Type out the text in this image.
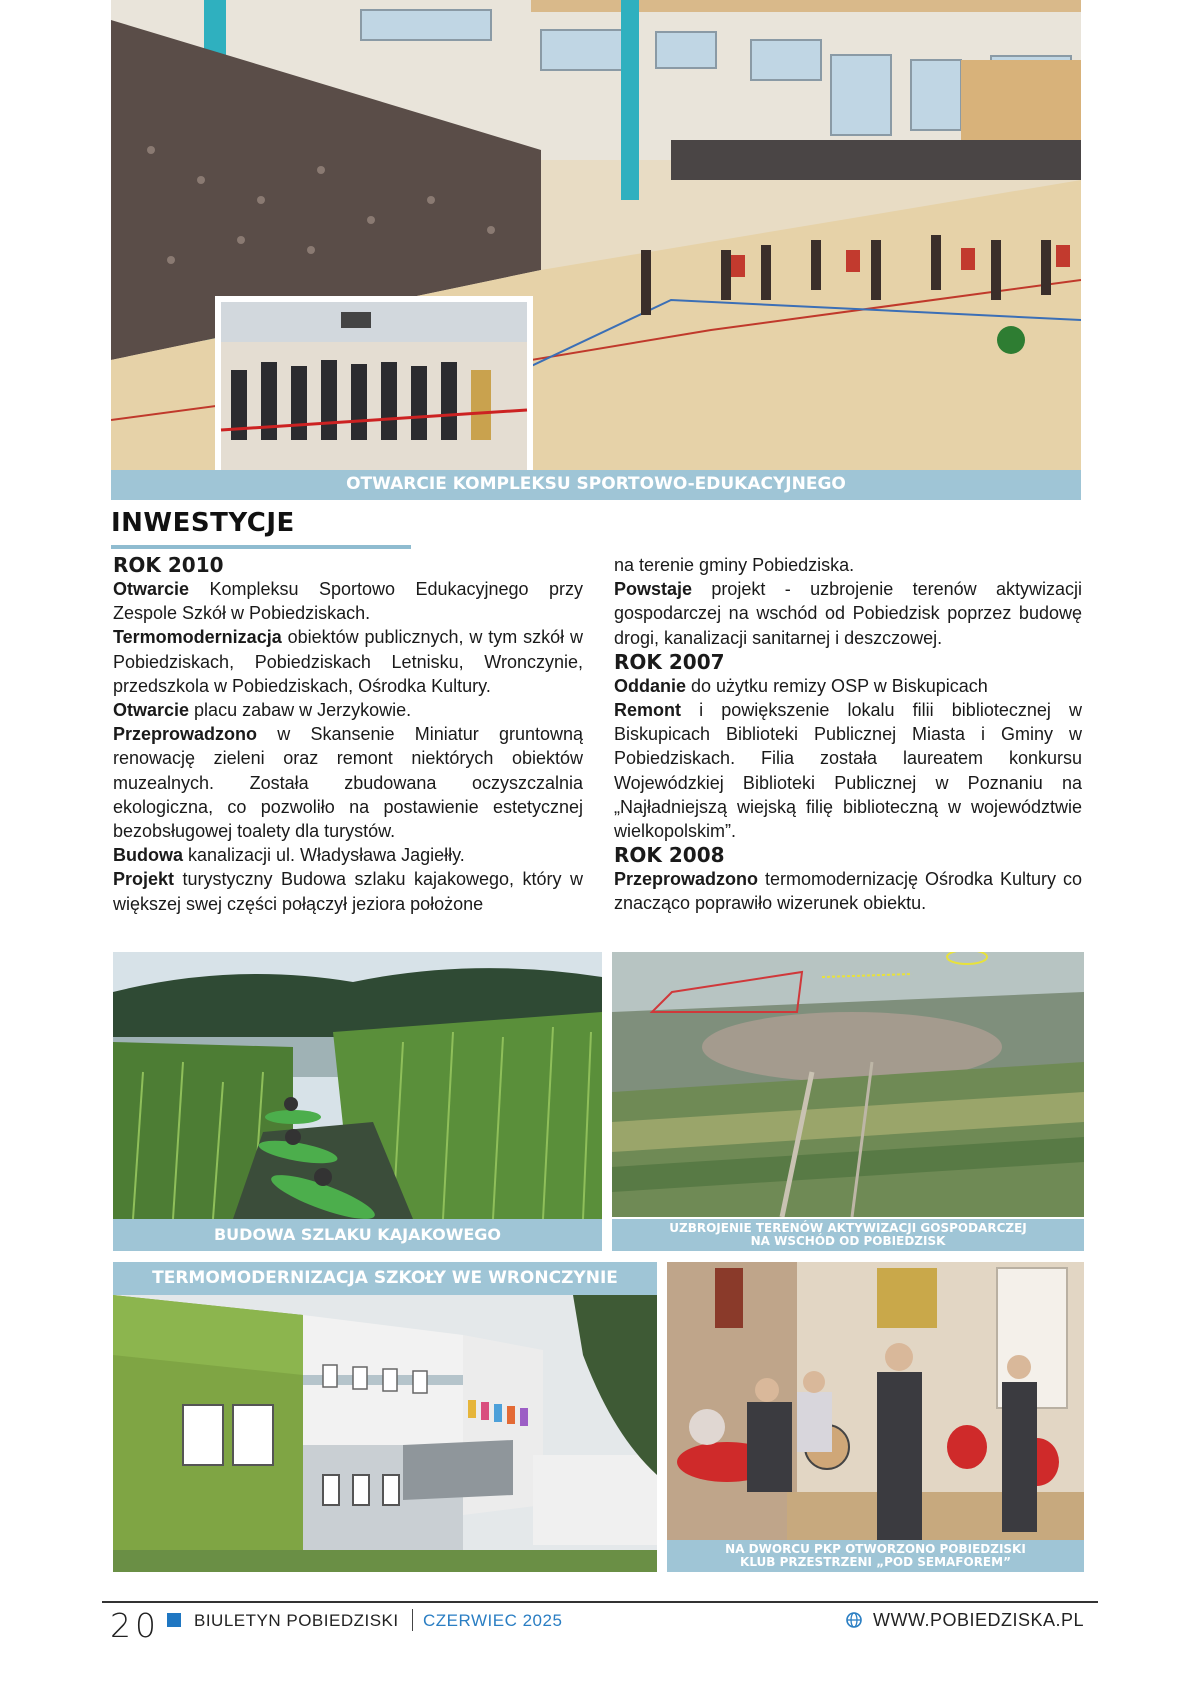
OTWARCIE KOMPLEKSU SPORTOWO-EDUKACYJNEGO
INWESTYCJE

ROK 2010

Otwarcie Kompleksu Sportowo Edukacyjnego przy Zespole Szkół w Pobiedziskach.

Termomodernizacja obiektów publicznych, w tym szkół w Pobiedziskach, Pobiedziskach Letnisku, Wronczynie, przedszkola w Pobiedziskach, Ośrodka Kultury.

Otwarcie placu zabaw w Jerzykowie.

Przeprowadzono w Skansenie Miniatur gruntowną renowację zieleni oraz remont niektórych obiektów muzealnych. Została zbudowana oczyszczalnia ekologiczna, co pozwoliło na postawienie estetycznej bezobsługowej toalety dla turystów.

Budowa kanalizacji ul. Władysława Jagiełły.

Projekt turystyczny Budowa szlaku kajakowego, który w większej swej części połączył jeziora położone

na terenie gminy Pobiedziska.

Powstaje projekt - uzbrojenie terenów aktywizacji gospodarczej na wschód od Pobiedzisk poprzez budowę drogi, kanalizacji sanitarnej i deszczowej.

ROK 2007

Oddanie do użytku remizy OSP w Biskupicach

Remont i powiększenie lokalu filii bibliotecznej w Biskupicach Biblioteki Publicznej Miasta i Gminy w Pobiedziskach. Filia została laureatem konkursu Wojewódzkiej Biblioteki Publicznej w Poznaniu na „Najładniejszą wiejską filię biblioteczną w województwie wielkopolskim”.

ROK 2008

Przeprowadzono termomodernizację Ośrodka Kultury co znacząco poprawiło wizerunek obiektu.

BUDOWA SZLAKU KAJAKOWEGO	UZBROJENIE TERENÓW AKTYWIZACJI GOSPODARCZEJ
NA WSCHÓD OD POBIEDZISK
TERMOMODERNIZACJA SZKOŁY WE WRONCZYNIE
NA DWORCU PKP OTWORZONO POBIEDZISKI
KLUB PRZESTRZENI „POD SEMAFOREM”
20 BIULETYN POBIEDZISKI CZERWIEC 2025	WWW.POBIEDZISKA.PL
